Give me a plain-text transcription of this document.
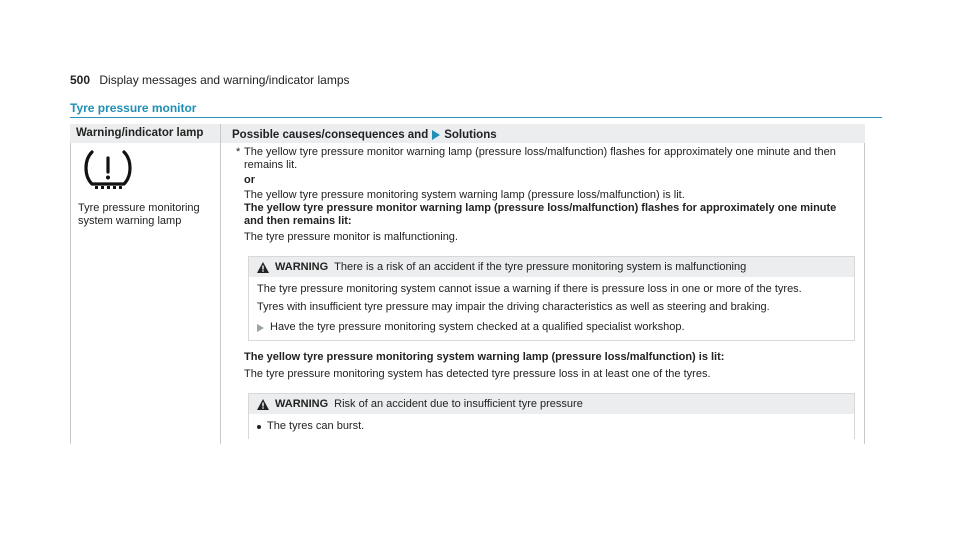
500 Display messages and warning/indicator lamps
Tyre pressure monitor
Warning/indicator lamp Possible causes/consequences and Solutions
Tyre pressure monitoring system warning lamp
* The yellow tyre pressure monitor warning lamp (pressure loss/malfunction) flashes for approximately one minute and then remains lit.

or

The yellow tyre pressure monitoring system warning lamp (pressure loss/malfunction) is lit.

The yellow tyre pressure monitor warning lamp (pressure loss/malfunction) flashes for approximately one minute and then remains lit:

The tyre pressure monitor is malfunctioning.

WARNING There is a risk of an accident if the tyre pressure monitoring system is malfunctioning

The tyre pressure monitoring system cannot issue a warning if there is pressure loss in one or more of the tyres.

Tyres with insufficient tyre pressure may impair the driving characteristics as well as steering and braking.

Have the tyre pressure monitoring system checked at a qualified specialist workshop.

The yellow tyre pressure monitoring system warning lamp (pressure loss/malfunction) is lit:

The tyre pressure monitoring system has detected tyre pressure loss in at least one of the tyres.

WARNING Risk of an accident due to insufficient tyre pressure
The tyres can burst.
